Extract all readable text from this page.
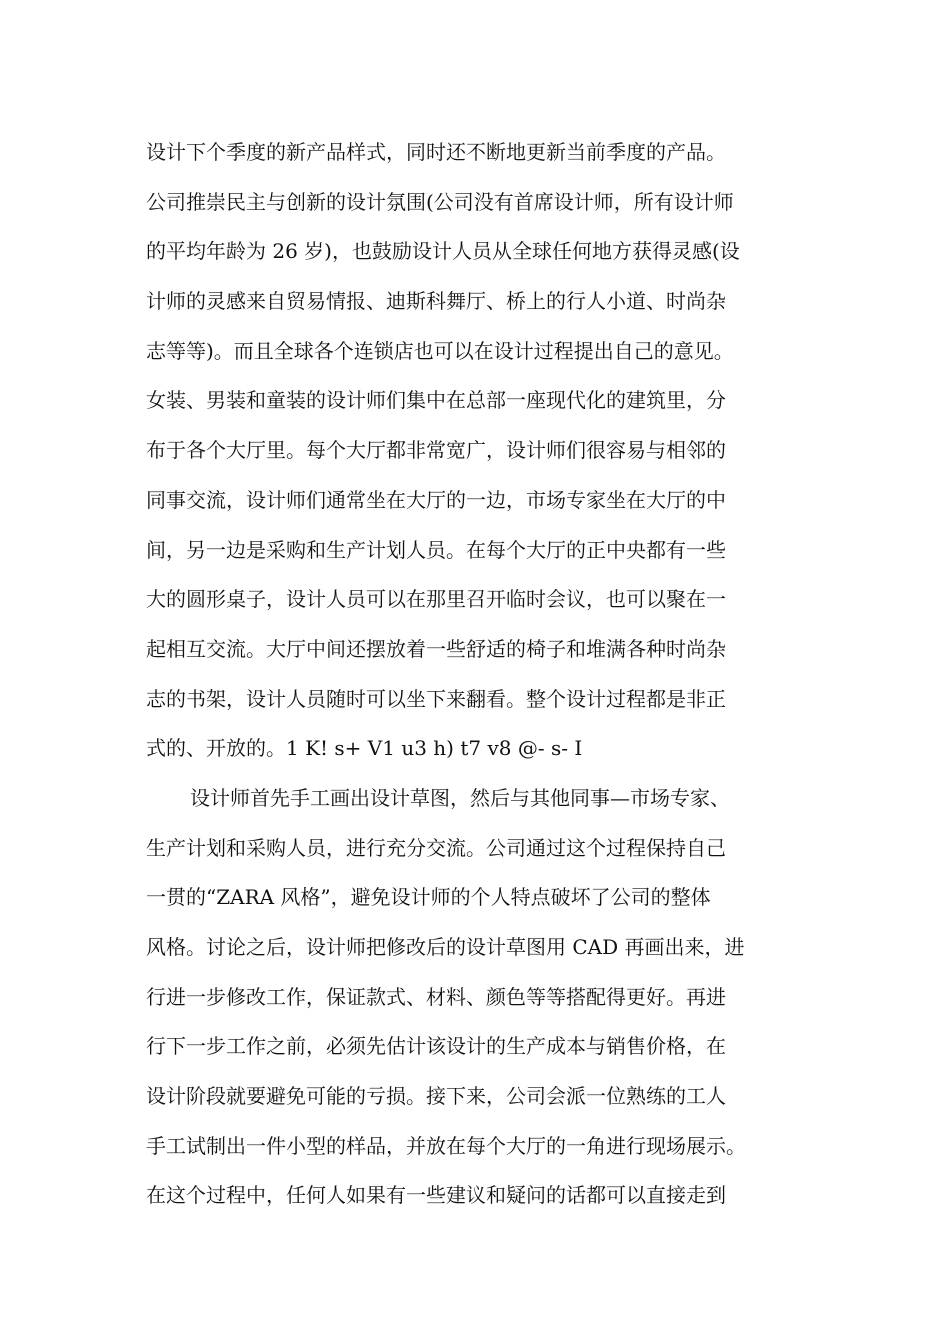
设计下个季度的新产品样式，同时还不断地更新当前季度的产品。
公司推崇民主与创新的设计氛围(公司没有首席设计师，所有设计师
的平均年龄为 26 岁)，也鼓励设计人员从全球任何地方获得灵感(设
计师的灵感来自贸易情报、迪斯科舞厅、桥上的行人小道、时尚杂
志等等)。而且全球各个连锁店也可以在设计过程提出自己的意见。
女装、男装和童装的设计师们集中在总部一座现代化的建筑里，分
布于各个大厅里。每个大厅都非常宽广，设计师们很容易与相邻的
同事交流，设计师们通常坐在大厅的一边，市场专家坐在大厅的中
间，另一边是采购和生产计划人员。在每个大厅的正中央都有一些
大的圆形桌子，设计人员可以在那里召开临时会议，也可以聚在一
起相互交流。大厅中间还摆放着一些舒适的椅子和堆满各种时尚杂
志的书架，设计人员随时可以坐下来翻看。整个设计过程都是非正
式的、开放的。1 K! s+ V1 u3 h) t7 v8 @- s- I
设计师首先手工画出设计草图，然后与其他同事—市场专家、
生产计划和采购人员，进行充分交流。公司通过这个过程保持自己
一贯的“ZARA 风格”，避免设计师的个人特点破坏了公司的整体
风格。讨论之后，设计师把修改后的设计草图用 CAD 再画出来，进
行进一步修改工作，保证款式、材料、颜色等等搭配得更好。再进
行下一步工作之前，必须先估计该设计的生产成本与销售价格，在
设计阶段就要避免可能的亏损。接下来，公司会派一位熟练的工人
手工试制出一件小型的样品，并放在每个大厅的一角进行现场展示。
在这个过程中，任何人如果有一些建议和疑问的话都可以直接走到
